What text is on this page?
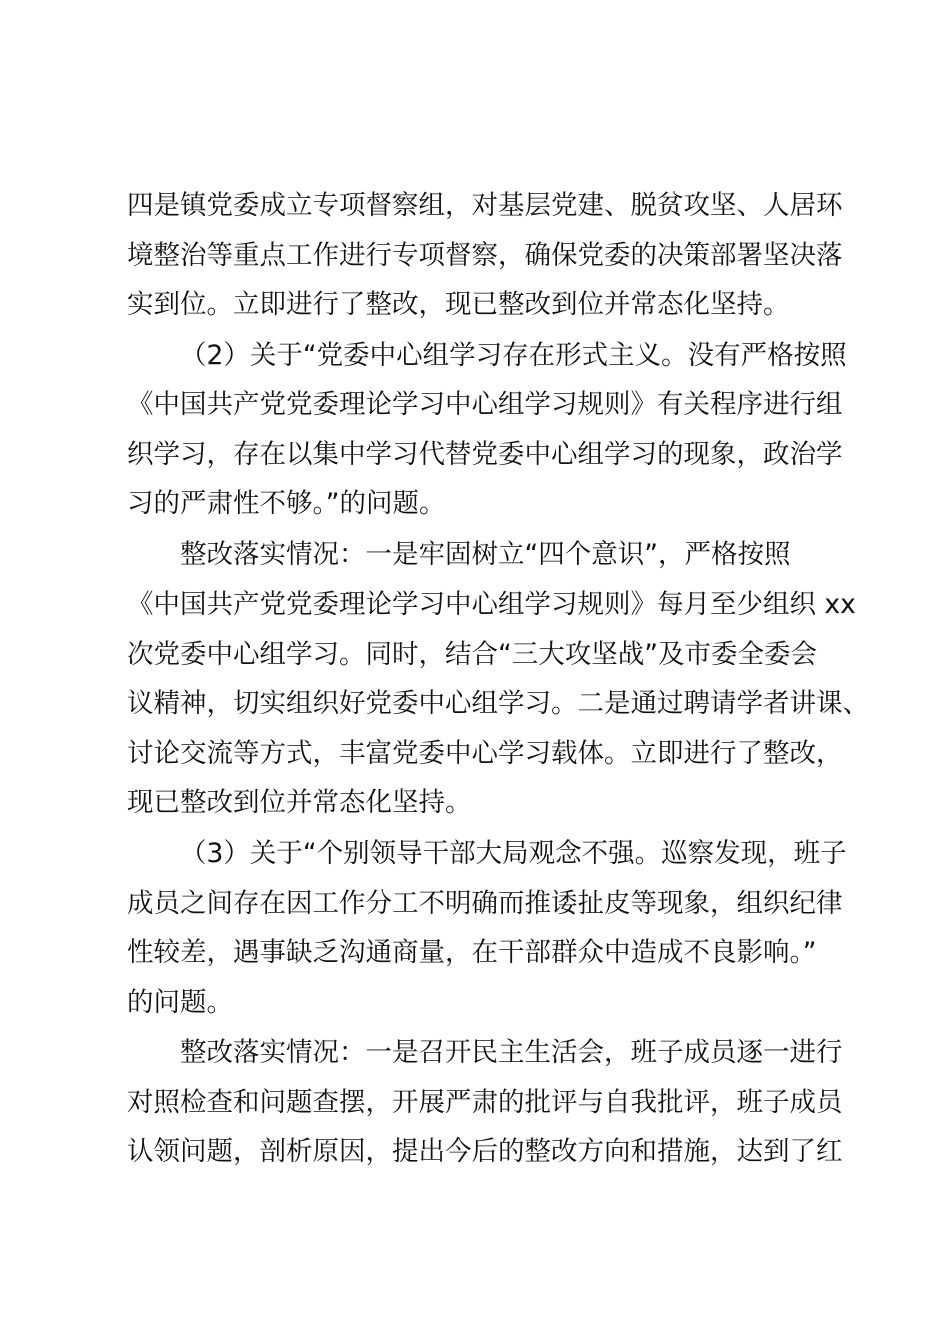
四是镇党委成立专项督察组，对基层党建、脱贫攻坚、人居环
境整治等重点工作进行专项督察，确保党委的决策部署坚决落
实到位。立即进行了整改，现已整改到位并常态化坚持。
（2）关于“党委中心组学习存在形式主义。没有严格按照
《中国共产党党委理论学习中心组学习规则》有关程序进行组
织学习，存在以集中学习代替党委中心组学习的现象，政治学
习的严肃性不够。”的问题。
整改落实情况：一是牢固树立“四个意识”，严格按照
《中国共产党党委理论学习中心组学习规则》每月至少组织 xx
次党委中心组学习。同时，结合“三大攻坚战”及市委全委会
议精神，切实组织好党委中心组学习。二是通过聘请学者讲课、
讨论交流等方式，丰富党委中心学习载体。立即进行了整改，
现已整改到位并常态化坚持。
（3）关于“个别领导干部大局观念不强。巡察发现，班子
成员之间存在因工作分工不明确而推诿扯皮等现象，组织纪律
性较差，遇事缺乏沟通商量，在干部群众中造成不良影响。”
的问题。
整改落实情况：一是召开民主生活会，班子成员逐一进行
对照检查和问题查摆，开展严肃的批评与自我批评，班子成员
认领问题，剖析原因，提出今后的整改方向和措施，达到了红
